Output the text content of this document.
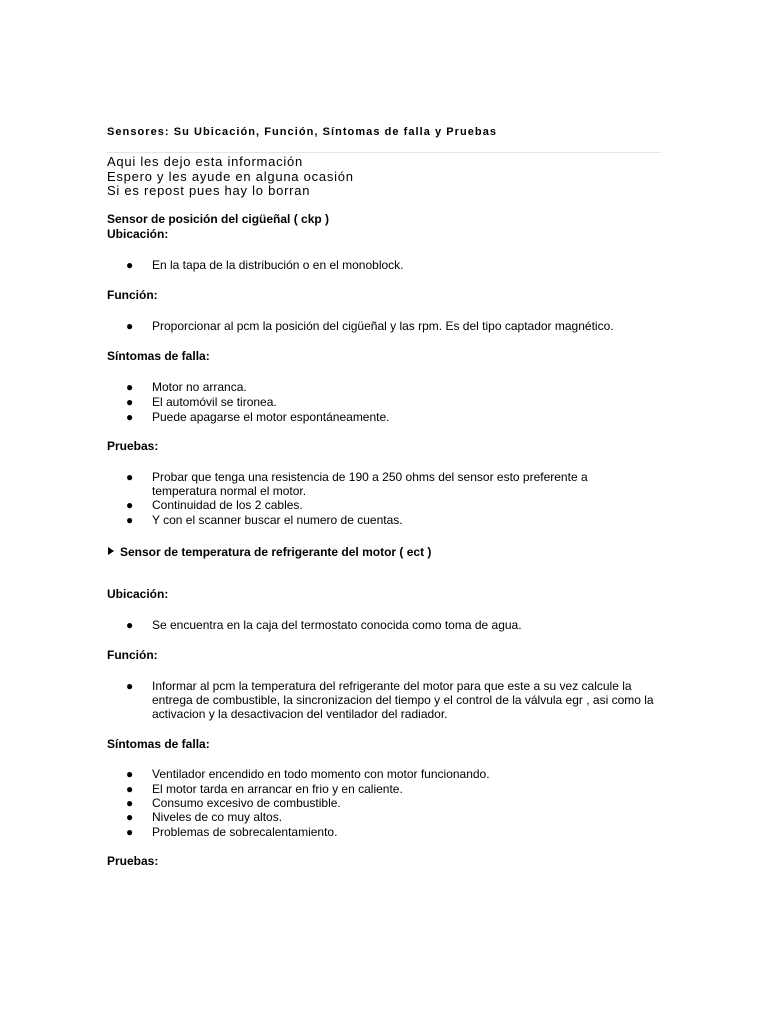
Sensores: Su Ubicación, Función, Síntomas de falla y Pruebas
Aqui les dejo esta información
Espero y les ayude en alguna ocasión
Si es repost pues hay lo borran
Sensor de posición del cigüeñal ( ckp )
Ubicación:
●	En la tapa de la distribución o en el monoblock.
Función:
●	Proporcionar al pcm la posición del cigüeñal y las rpm. Es del tipo captador magnético.
Síntomas de falla:
●	Motor no arranca.
●	El automóvil se tironea.
●	Puede apagarse el motor espontáneamente.
Pruebas:
●	Probar que tenga una resistencia de 190 a 250 ohms del sensor esto preferente a temperatura normal el motor.
●	Continuidad de los 2 cables.
●	Y con el scanner buscar el numero de cuentas.
Sensor de temperatura de refrigerante del motor ( ect )
Ubicación:
●	Se encuentra en la caja del termostato conocida como toma de agua.
Función:
●	Informar al pcm la temperatura del refrigerante del motor para que este a su vez calcule la entrega de combustible, la sincronizacion del tiempo y el control de la válvula egr , asi como la activacion y la desactivacion del ventilador del radiador.
Síntomas de falla:
●	Ventilador encendido en todo momento con motor funcionando.
●	El motor tarda en arrancar en frio y en caliente.
●	Consumo excesivo de combustible.
●	Niveles de co muy altos.
●	Problemas de sobrecalentamiento.
Pruebas:
